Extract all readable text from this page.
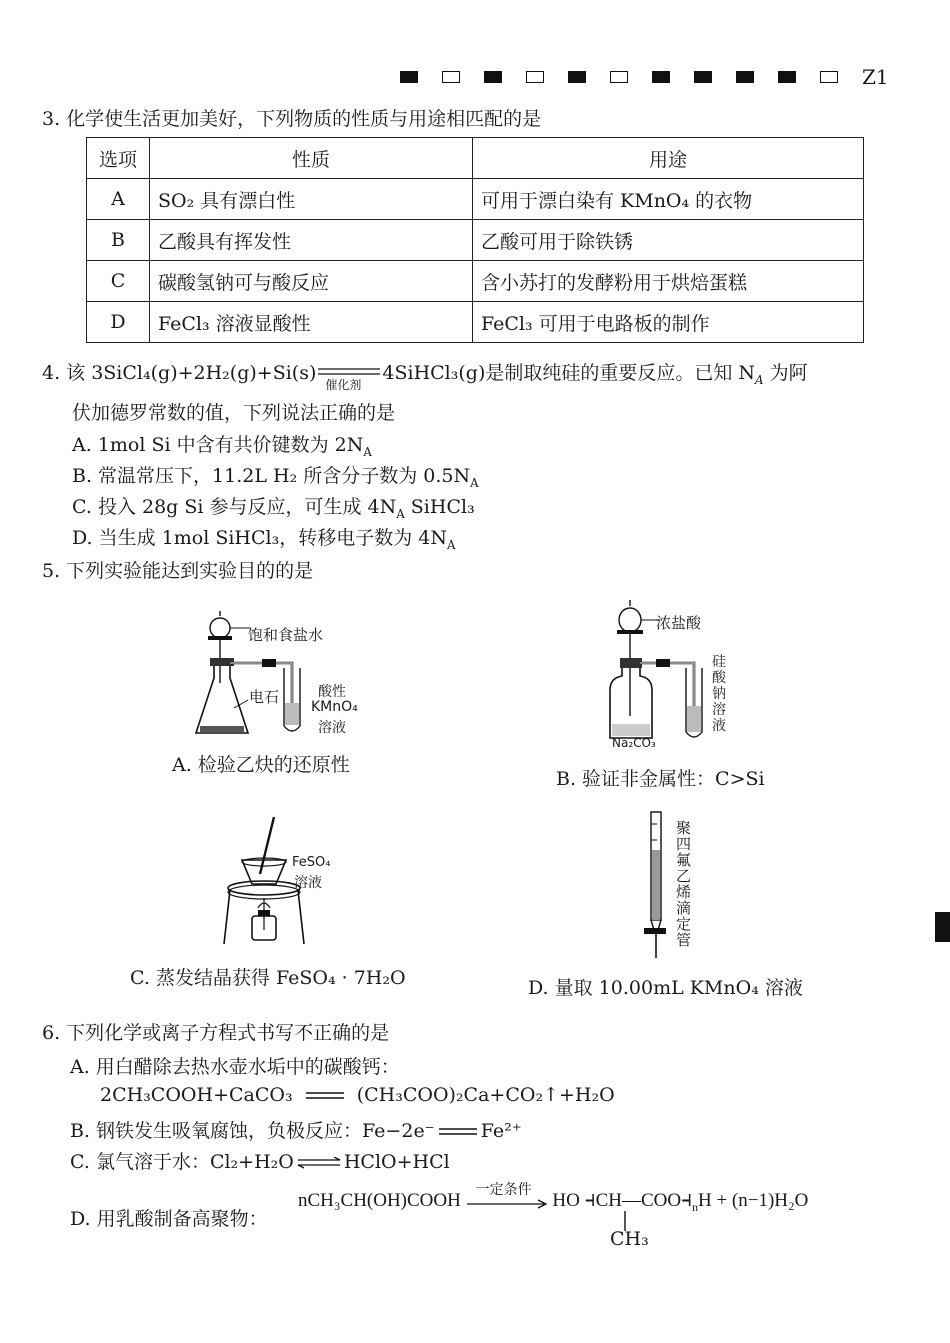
Z1
3. 化学使生活更加美好，下列物质的性质与用途相匹配的是
选项	性质	用途
A	SO₂ 具有漂白性	可用于漂白染有 KMnO₄ 的衣物
B	乙酸具有挥发性	乙酸可用于除铁锈
C	碳酸氢钠可与酸反应	含小苏打的发酵粉用于烘焙蛋糕
D	FeCl₃ 溶液显酸性	FeCl₃ 可用于电路板的制作
4. 该 3SiCl₄(g)+2H₂(g)+Si(s)
催化剂
4SiHCl₃(g)是制取纯硅的重要反应。已知 $N_A$ 为阿
伏加德罗常数的值，下列说法正确的是
A. 1mol Si 中含有共价键数为 $2N_A$
B. 常温常压下，11.2L H₂ 所含分子数为 $0.5N_A$
C. 投入 28g Si 参与反应，可生成 $4N_A$ SiHCl₃
D. 当生成 1mol SiHCl₃，转移电子数为 $4N_A$
5. 下列实验能达到实验目的的是
饱和食盐水
电石	酸性
KMnO₄
溶液
A. 检验乙炔的还原性
浓盐酸
硅
酸
钠
溶
液
Na₂CO₃
B. 验证非金属性：C>Si
FeSO₄
溶液
C. 蒸发结晶获得 FeSO₄ · 7H₂O
聚
四
氟
乙
烯
滴
定
管
D. 量取 10.00mL KMnO₄ 溶液
6. 下列化学或离子方程式书写不正确的是
A. 用白醋除去热水壶水垢中的碳酸钙：
2CH₃COOH+CaCO₃	(CH₃COO)₂Ca+CO₂↑+H₂O
B. 钢铁发生吸氧腐蚀，负极反应：Fe−2e⁻ Fe²⁺
C. 氯气溶于水：Cl₂+H₂O ⇌ HClO+HCl
D. 用乳酸制备高聚物：
nCH₃CH(OH)COOH
一定条件
HO $⫞CH—COO⫞_nH + (n-1)H_2O$
CH₃
